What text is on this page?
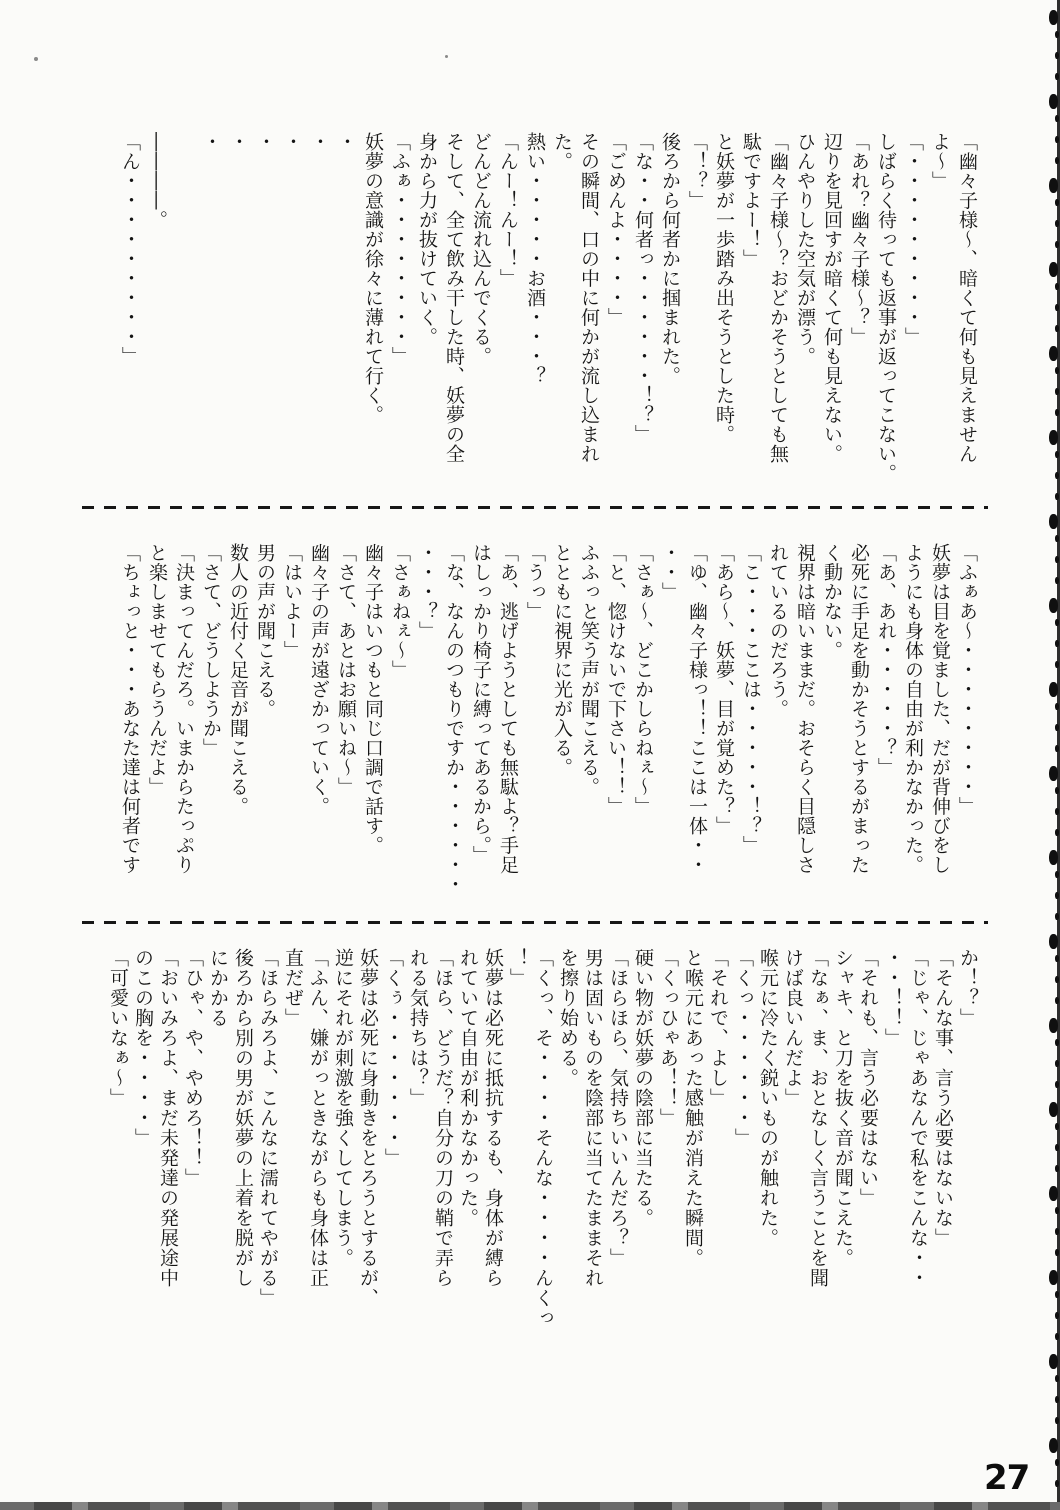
「幽々子様～、暗くて何も見えません

よ～」

「・・・・・・・・・」

しばらく待っても返事が返ってこない。

「あれ？幽々子様～？」

辺りを見回すが暗くて何も見えない。

ひんやりした空気が漂う。

「幽々子様～？おどかそうとしても無

駄ですよー！」

と妖夢が一歩踏み出そうとした時。

「！？」

後ろから何者かに掴まれた。

「な・・何者っ・・・・・・！？」

「ごめんよ・・・・」

その瞬間、口の中に何かが流し込まれ

た。

熱い・・・・・お酒・・・？

「んー！んー！」

どんどん流れ込んでくる。

そして、全て飲み干した時、妖夢の全

身から力が抜けていく。

「ふぁ・・・・・・・・」

妖夢の意識が徐々に薄れて行く。

・

・

・

・

・

・

――――。

「ん・・・・・・・・・」

「ふぁあ～・・・・・・・・」

妖夢は目を覚ました、だが背伸びをし

ようにも身体の自由が利かなかった。

「あ、あれ・・・・・？」

必死に手足を動かそうとするがまった

く動かない。

視界は暗いままだ。おそらく目隠しさ

れているのだろう。

「こ・・・ここは・・・・・！？」

「あら～、妖夢、目が覚めた？」

「ゆ、幽々子様っ！！ここは一体・・

・・」

「さぁ～、どこかしらねぇ～」

「と、惚けないで下さい！！」

ふふっと笑う声が聞こえる。

とともに視界に光が入る。

「うっ」

「あ、逃げようとしても無駄よ？手足

はしっかり椅子に縛ってあるから。」

「な、なんのつもりですか・・・・・・

・・・？」

「さぁねぇ～」

幽々子はいつもと同じ口調で話す。

「さて、あとはお願いね～」

幽々子の声が遠ざかっていく。

「はいよー」

男の声が聞こえる。

数人の近付く足音が聞こえる。

「さて、どうしようか」

「決まってんだろ。いまからたっぷり

と楽しませてもらうんだよ」

「ちょっと・・・あなた達は何者です

か！？」

「そんな事、言う必要はないな」

「じゃ、じゃあなんで私をこんな・・

・・！！」

「それも、言う必要はない」

シャキ、と刀を抜く音が聞こえた。

「なぁ、ま、おとなしく言うことを聞

けば良いんだよ」

喉元に冷たく鋭いものが触れた。

「くっ・・・・・・」

「それで、よし」

と喉元にあった感触が消えた瞬間。

「くっひゃあ！！」

硬い物が妖夢の陰部に当たる。

「ほらほら、気持ちいいんだろ？」

男は固いものを陰部に当てたままそれ

を擦り始める。

「くっ、そ・・・・そんな・・・・んくっ

！」

妖夢は必死に抵抗するも、身体が縛ら

れていて自由が利かなかった。

「ほら、どうだ？自分の刀の鞘で弄ら

れる気持ちは？」

「くぅ・・・・・・・」

妖夢は必死に身動きをとろうとするが、

逆にそれが刺激を強くしてしまう。

「ふん、嫌がっときながらも身体は正

直だぜ」

「ほらみろよ、こんなに濡れてやがる」

後ろから別の男が妖夢の上着を脱がし

にかかる

「ひゃ、や、やめろ！！」

「おいみろよ、まだ未発達の発展途中

のこの胸を・・・・」

「可愛いなぁ～」

27
